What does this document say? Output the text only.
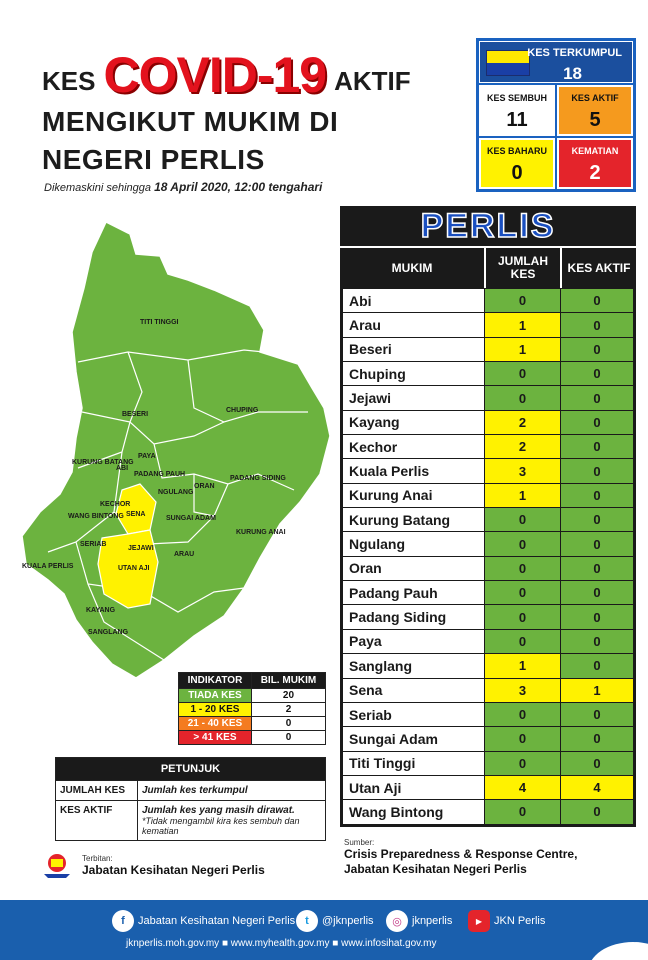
KES COVID-19 AKTIF
MENGIKUT MUKIM DI
NEGERI PERLIS
Dikemaskini sehingga 18 April 2020, 12:00 tengahari
KES TERKUMPUL
18
KES SEMBUH
11
KES AKTIF
5
KES BAHARU
0
KEMATIAN
2
TITI TINGGI
BESERI
CHUPING
PAYA
KURUNG BATANG
ABI
PADANG PAUH
NGULANG
ORAN
PADANG SIDING
KECHOR
SENA
WANG BINTONG	SUNGAI ADAM
SERIAB
JEJAWI
KURUNG ANAI
KUALA PERLIS	UTAN AJI
ARAU
KAYANG
SANGLANG
INDIKATOR	BIL. MUKIM
TIADA KES	20
1 - 20 KES	2
21 - 40 KES	0
> 41 KES	0
PETUNJUK
JUMLAH KES	Jumlah kes terkumpul
KES AKTIF	Jumlah kes yang masih dirawat.
*Tidak mengambil kira kes sembuh dan kematian
Terbitan:
Jabatan Kesihatan Negeri Perlis
PERLIS
MUKIM	JUMLAH KES	KES AKTIF
Abi	0	0
Arau	1	0
Beseri	1	0
Chuping	0	0
Jejawi	0	0
Kayang	2	0
Kechor	2	0
Kuala Perlis	3	0
Kurung Anai	1	0
Kurung Batang	0	0
Ngulang	0	0
Oran	0	0
Padang Pauh	0	0
Padang Siding	0	0
Paya	0	0
Sanglang	1	0
Sena	3	1
Seriab	0	0
Sungai Adam	0	0
Titi Tinggi	0	0
Utan Aji	4	4
Wang Bintong	0	0
Sumber:
Crisis Preparedness & Response Centre,
Jabatan Kesihatan Negeri Perlis
f	Jabatan Kesihatan Negeri Perlis t	@jknperlis	◎ jknperlis	▶	JKN Perlis
jknperlis.moh.gov.my ■ www.myhealth.gov.my ■ www.infosihat.gov.my
